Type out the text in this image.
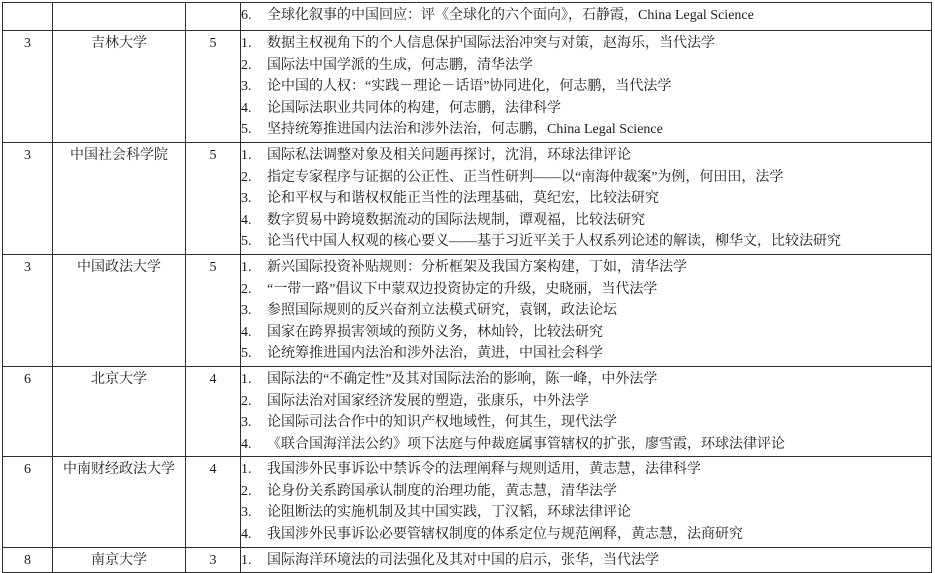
			6. 全球化叙事的中国回应：评《全球化的六个面向》，石静霞，China Legal Science

3	吉林大学	5	1.	数据主权视角下的个人信息保护国际法治冲突与对策，赵海乐，当代法学
2.	国际法中国学派的生成，何志鹏，清华法学
3.	论中国的人权：“实践－理论－话语”协同进化，何志鹏，当代法学
4.	论国际法职业共同体的构建，何志鹏，法律科学
5.	坚持统筹推进国内法治和涉外法治，何志鹏，China Legal Science

3	中国社会科学院	5	1.	国际私法调整对象及相关问题再探讨，沈涓，环球法律评论
2.	指定专家程序与证据的公正性、正当性研判——以“南海仲裁案”为例，何田田，法学
3.	论和平权与和谐权权能正当性的法理基础，莫纪宏，比较法研究
4.	数字贸易中跨境数据流动的国际法规制，谭观福，比较法研究
5.	论当代中国人权观的核心要义——基于习近平关于人权系列论述的解读，柳华文，比较法研究

3	中国政法大学	5	1.	新兴国际投资补贴规则：分析框架及我国方案构建，丁如，清华法学
2.	“一带一路”倡议下中蒙双边投资协定的升级，史晓丽，当代法学
3.	参照国际规则的反兴奋剂立法模式研究，袁钢，政法论坛
4.	国家在跨界损害领域的预防义务，林灿铃，比较法研究
5.	论统筹推进国内法治和涉外法治，黄进，中国社会科学

6	北京大学	4	1.	国际法的“不确定性”及其对国际法治的影响，陈一峰，中外法学
2.	国际法治对国家经济发展的塑造，张康乐，中外法学
3.	论国际司法合作中的知识产权地域性，何其生，现代法学
4.	《联合国海洋法公约》项下法庭与仲裁庭属事管辖权的扩张，廖雪霞，环球法律评论

6	中南财经政法大学	4	1.	我国涉外民事诉讼中禁诉令的法理阐释与规则适用，黄志慧，法律科学
2.	论身份关系跨国承认制度的治理功能，黄志慧，清华法学
3.	论阻断法的实施机制及其中国实践，丁汉韬，环球法律评论
4.	我国涉外民事诉讼必要管辖权制度的体系定位与规范阐释，黄志慧，法商研究

8	南京大学	3	1. 国际海洋环境法的司法强化及其对中国的启示，张华，当代法学
